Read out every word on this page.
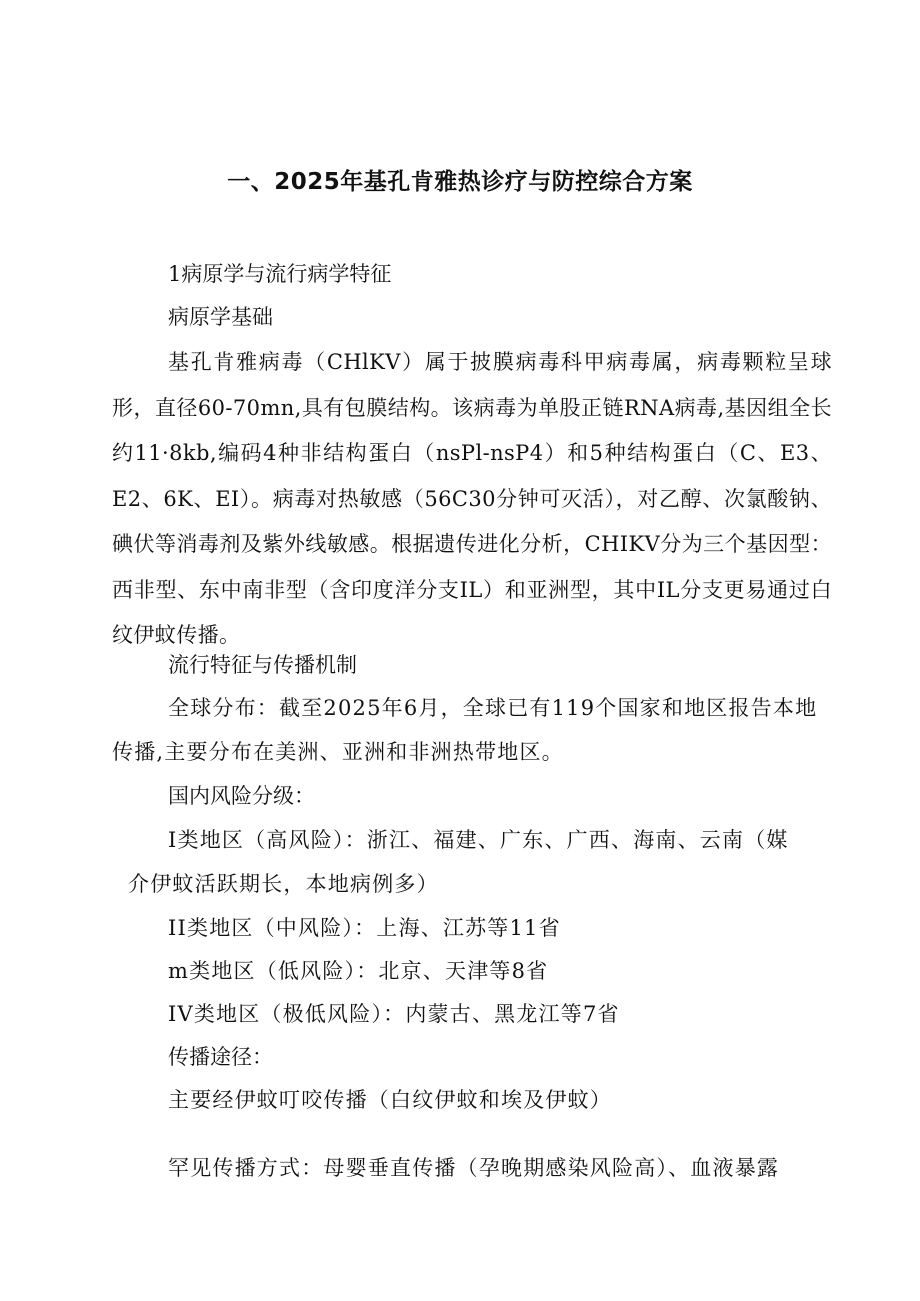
一、2025年基孔肯雅热诊疗与防控综合方案
1病原学与流行病学特征
病原学基础
基孔肯雅病毒（CHlKV）属于披膜病毒科甲病毒属，病毒颗粒呈球形，直径60-70mn,具有包膜结构。该病毒为单股正链RNA病毒,基因组全长约11·8kb,编码4种非结构蛋白（nsPl-nsP4）和5种结构蛋白（C、E3、E2、6K、EI）。病毒对热敏感（56C30分钟可灭活），对乙醇、次氯酸钠、碘伏等消毒剂及紫外线敏感。根据遗传进化分析，CHIKV分为三个基因型：西非型、东中南非型（含印度洋分支IL）和亚洲型，其中IL分支更易通过白纹伊蚊传播。
流行特征与传播机制
全球分布：截至2025年6月，全球已有119个国家和地区报告本地
传播,主要分布在美洲、亚洲和非洲热带地区。
国内风险分级：
I类地区（高风险）：浙江、福建、广东、广西、海南、云南（媒
介伊蚊活跃期长，本地病例多）
II类地区（中风险）：上海、江苏等11省
m类地区（低风险）：北京、天津等8省
IV类地区（极低风险）：内蒙古、黑龙江等7省
传播途径：
主要经伊蚊叮咬传播（白纹伊蚊和埃及伊蚊）
罕见传播方式：母婴垂直传播（孕晚期感染风险高）、血液暴露
